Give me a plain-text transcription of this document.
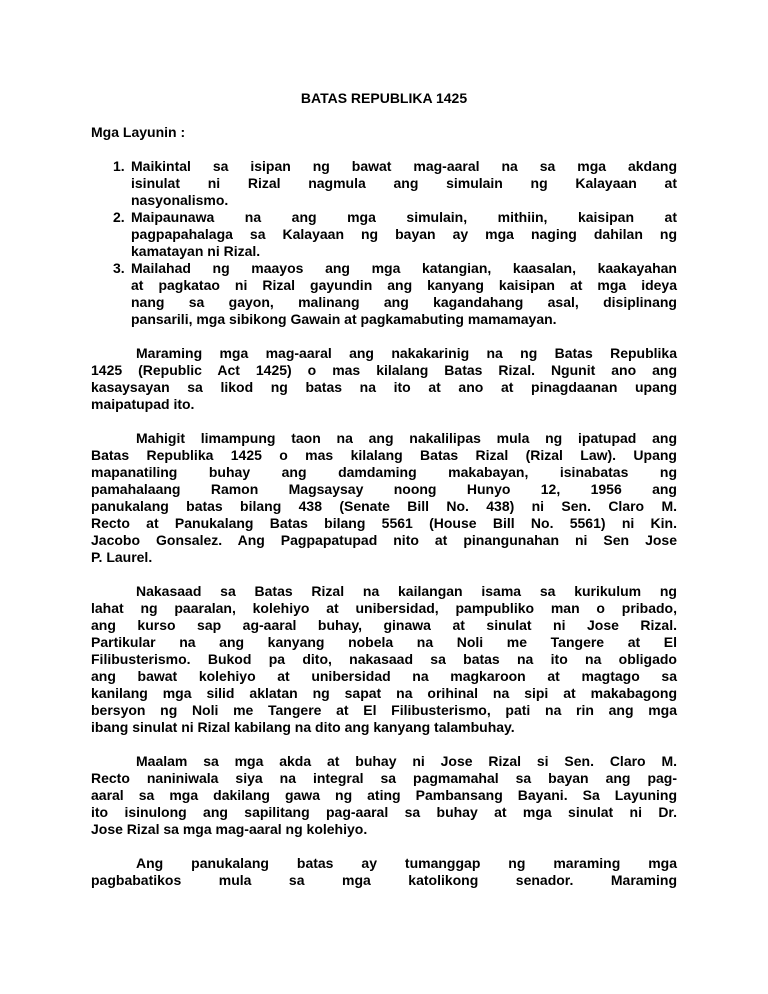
BATAS REPUBLIKA 1425
Mga Layunin :
1. Maikintal sa isipan ng bawat mag-aaral na sa mga akdang
isinulat ni Rizal nagmula ang simulain ng Kalayaan at
nasyonalismo.
2. Maipaunawa na ang mga simulain, mithiin, kaisipan at
pagpapahalaga sa Kalayaan ng bayan ay mga naging dahilan ng
kamatayan ni Rizal.
3. Mailahad ng maayos ang mga katangian, kaasalan, kaakayahan
at pagkatao ni Rizal gayundin ang kanyang kaisipan at mga ideya
nang sa gayon, malinang ang kagandahang asal, disiplinang
pansarili, mga sibikong Gawain at pagkamabuting mamamayan.
Maraming mga mag-aaral ang nakakarinig na ng Batas Republika
1425 (Republic Act 1425) o mas kilalang Batas Rizal. Ngunit ano ang
kasaysayan sa likod ng batas na ito at ano at pinagdaanan upang
maipatupad ito.
Mahigit limampung taon na ang nakalilipas mula ng ipatupad ang
Batas Republika 1425 o mas kilalang Batas Rizal (Rizal Law). Upang
mapanatiling buhay ang damdaming makabayan, isinabatas ng
pamahalaang Ramon Magsaysay noong Hunyo 12, 1956 ang
panukalang batas bilang 438 (Senate Bill No. 438) ni Sen. Claro M.
Recto at Panukalang Batas bilang 5561 (House Bill No. 5561) ni Kin.
Jacobo Gonsalez. Ang Pagpapatupad nito at pinangunahan ni Sen Jose
P. Laurel.
Nakasaad sa Batas Rizal na kailangan isama sa kurikulum ng
lahat ng paaralan, kolehiyo at unibersidad, pampubliko man o pribado,
ang kurso sap ag-aaral buhay, ginawa at sinulat ni Jose Rizal.
Partikular na ang kanyang nobela na Noli me Tangere at El
Filibusterismo. Bukod pa dito, nakasaad sa batas na ito na obligado
ang bawat kolehiyo at unibersidad na magkaroon at magtago sa
kanilang mga silid aklatan ng sapat na orihinal na sipi at makabagong
bersyon ng Noli me Tangere at El Filibusterismo, pati na rin ang mga
ibang sinulat ni Rizal kabilang na dito ang kanyang talambuhay.
Maalam sa mga akda at buhay ni Jose Rizal si Sen. Claro M.
Recto naniniwala siya na integral sa pagmamahal sa bayan ang pag-
aaral sa mga dakilang gawa ng ating Pambansang Bayani. Sa Layuning
ito isinulong ang sapilitang pag-aaral sa buhay at mga sinulat ni Dr.
Jose Rizal sa mga mag-aaral ng kolehiyo.
Ang panukalang batas ay tumanggap ng maraming mga
pagbabatikos mula sa mga katolikong senador. Maraming
